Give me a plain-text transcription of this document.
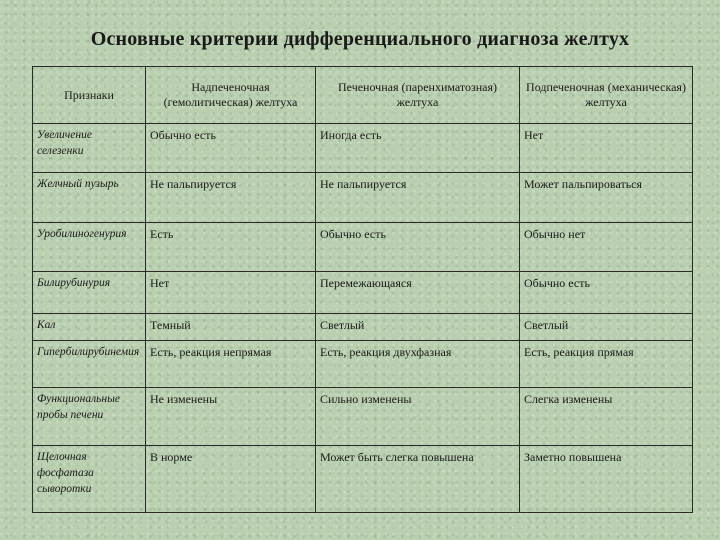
Основные критерии дифференциального диагноза желтух
Признаки	Надпеченочная (гемолитическая) желтуха	Печеночная (паренхиматозная) желтуха	Подпеченочная (механическая) желтуха
Увеличение селезенки	Обычно есть	Иногда есть	Нет
Желчный пузырь	Не пальпируется	Не пальпируется	Может пальпироваться
Уробилиногенурия	Есть	Обычно есть	Обычно нет
Билирубинурия	Нет	Перемежающаяся	Обычно есть
Кал	Темный	Светлый	Светлый
Гипербилирубинемия	Есть, реакция непрямая	Есть, реакция двухфазная	Есть, реакция прямая
Функциональные пробы печени	Не изменены	Сильно изменены	Слегка изменены
Щелочная фосфатаза сыворотки	В норме	Может быть слегка повышена	Заметно повышена
